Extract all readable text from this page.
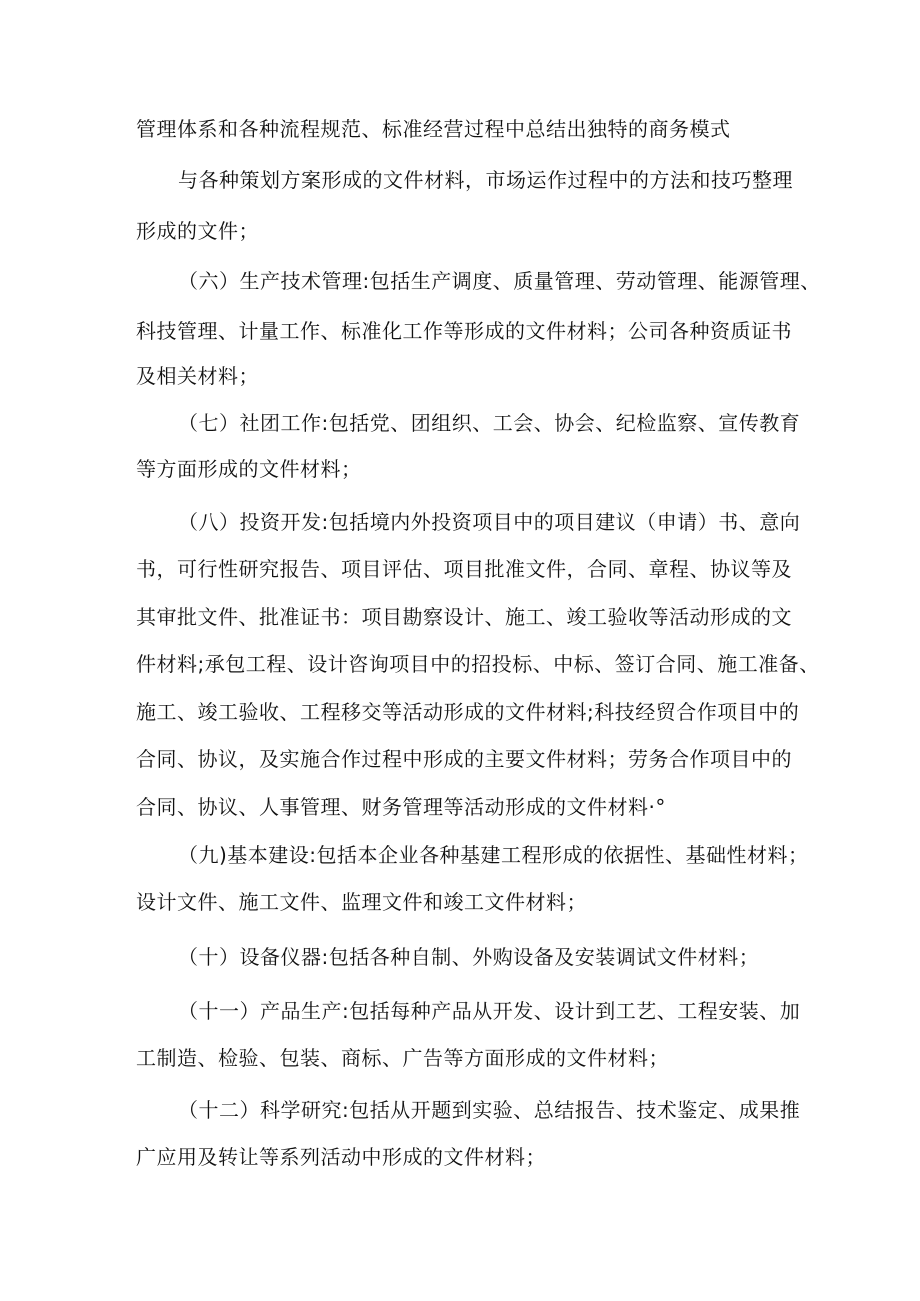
管理体系和各种流程规范、标准经营过程中总结出独特的商务模式
与各种策划方案形成的文件材料，市场运作过程中的方法和技巧整理
形成的文件；
（六）生产技术管理:包括生产调度、质量管理、劳动管理、能源管理、
科技管理、计量工作、标准化工作等形成的文件材料；公司各种资质证书
及相关材料；
（七）社团工作:包括党、团组织、工会、协会、纪检监察、宣传教育
等方面形成的文件材料；
（八）投资开发:包括境内外投资项目中的项目建议（申请）书、意向
书，可行性研究报告、项目评估、项目批准文件，合同、章程、协议等及
其审批文件、批准证书：项目勘察设计、施工、竣工验收等活动形成的文
件材料;承包工程、设计咨询项目中的招投标、中标、签订合同、施工准备、
施工、竣工验收、工程移交等活动形成的文件材料;科技经贸合作项目中的
合同、协议，及实施合作过程中形成的主要文件材料；劳务合作项目中的
合同、协议、人事管理、财务管理等活动形成的文件材料·°
（九)基本建设:包括本企业各种基建工程形成的依据性、基础性材料；
设计文件、施工文件、监理文件和竣工文件材料；
（十）设备仪器:包括各种自制、外购设备及安装调试文件材料；
（十一）产品生产:包括每种产品从开发、设计到工艺、工程安装、加
工制造、检验、包装、商标、广告等方面形成的文件材料；
（十二）科学研究:包括从开题到实验、总结报告、技术鉴定、成果推
广应用及转让等系列活动中形成的文件材料；
